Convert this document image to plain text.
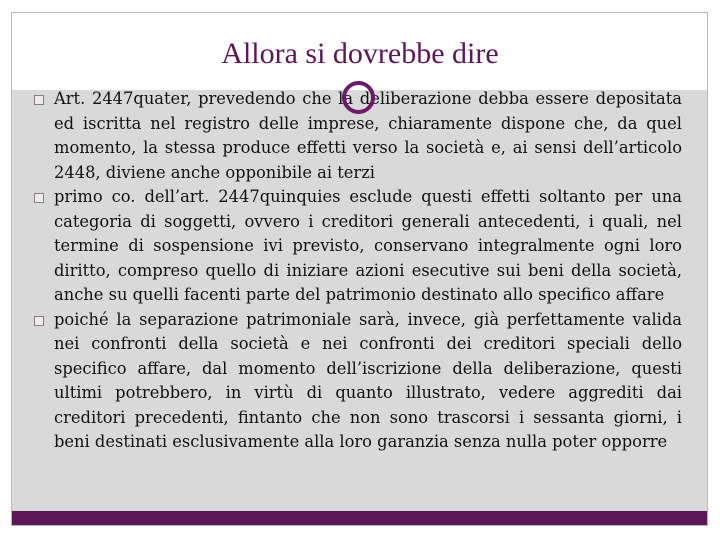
Allora si dovrebbe dire
Art. 2447quater, prevedendo che la deliberazione debba essere depositata ed iscritta nel registro delle imprese, chiaramente dispone che, da quel momento, la stessa produce effetti verso la società e, ai sensi dell’articolo 2448, diviene anche opponibile ai terzi
primo co. dell’art. 2447quinquies esclude questi effetti soltanto per una categoria di soggetti, ovvero i creditori generali antecedenti, i quali, nel termine di sospensione ivi previsto, conservano integralmente ogni loro diritto, compreso quello di iniziare azioni esecutive sui beni della società, anche su quelli facenti parte del patrimonio destinato allo specifico affare
poiché la separazione patrimoniale sarà, invece, già perfettamente valida nei confronti della società e nei confronti dei creditori speciali dello specifico affare, dal momento dell’iscrizione della deliberazione, questi ultimi potrebbero, in virtù di quanto illustrato, vedere aggrediti dai creditori precedenti, fintanto che non sono trascorsi i sessanta giorni, i beni destinati esclusivamente alla loro garanzia senza nulla poter opporre
